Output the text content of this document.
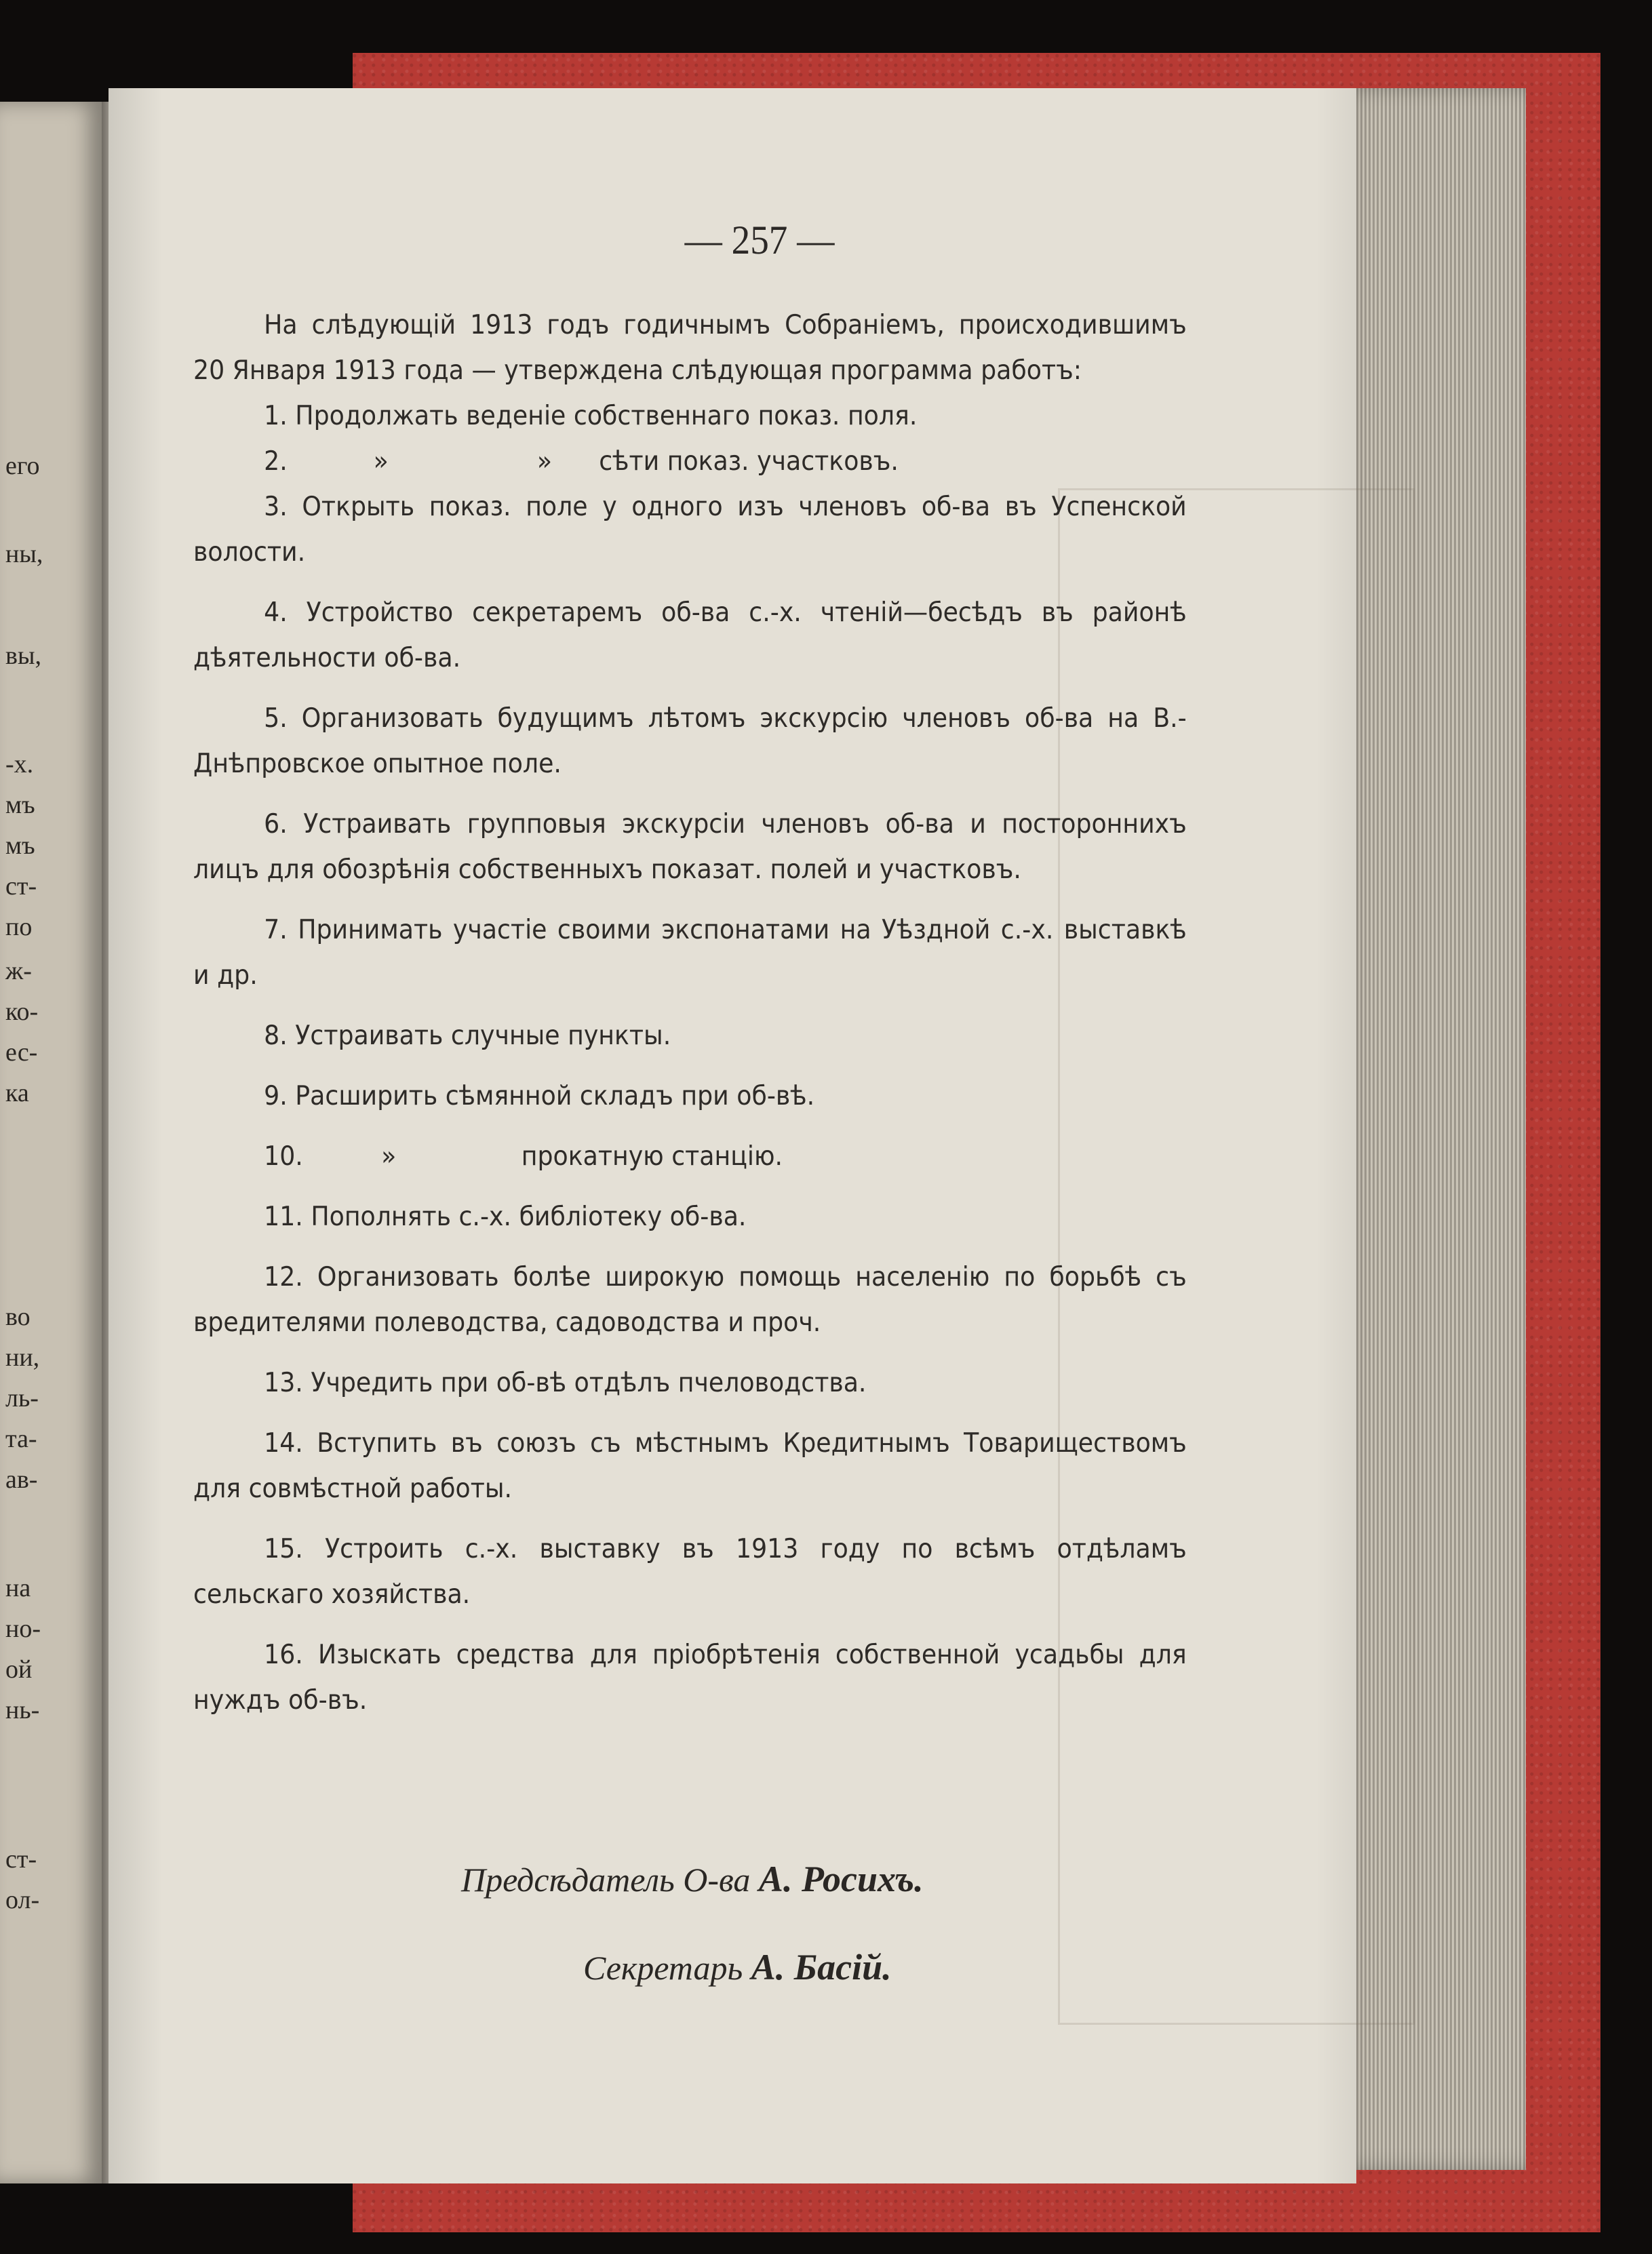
его

ны,

вы,

-х.

мъ

мъ

ст-

по

ж-

ко-

ес-

ка

во

ни,

ль-

та-

ав-

на

но-

ой

нь-

ст-

ол-

— 257 —

На слѣдующій 1913 годъ годичнымъ Собраніемъ, происходившимъ 20 Января 1913 года — утверждена слѣдующая программа работъ:

1. Продолжать веденіе собственнаго показ. поля.

2.           »                   »      сѣти показ. участковъ.

3. Открыть показ. поле у одного изъ членовъ об-ва въ Успенской волости.

4. Устройство секретаремъ об-ва с.-х. чтеній—бесѣдъ въ районѣ дѣятельности об-ва.

5. Организовать будущимъ лѣтомъ экскурсію членовъ об-ва на В.-Днѣпровское опытное поле.

6. Устраивать групповыя экскурсіи членовъ об-ва и постороннихъ лицъ для обозрѣнія собственныхъ показат. полей и участковъ.

7. Принимать участіе своими экспонатами на Уѣздной с.-х. выставкѣ и др.

8. Устраивать случные пункты.

9. Расширить сѣмянной складъ при об-вѣ.

10.          »                прокатную станцію.

11. Пополнять с.-х. библіотеку об-ва.

12. Организовать болѣе широкую помощь населенію по борьбѣ съ вредителями полеводства, садоводства и проч.

13. Учредить при об-вѣ отдѣлъ пчеловодства.

14. Вступить въ союзъ съ мѣстнымъ Кредитнымъ Товариществомъ для совмѣстной работы.

15. Устроить с.-х. выставку въ 1913 году по всѣмъ отдѣламъ сельскаго хозяйства.

16. Изыскать средства для пріобрѣтенія собственной усадьбы для нуждъ об-въ.

Предсѣдатель О-ва А. Росихъ.
Секретарь А. Басій.
